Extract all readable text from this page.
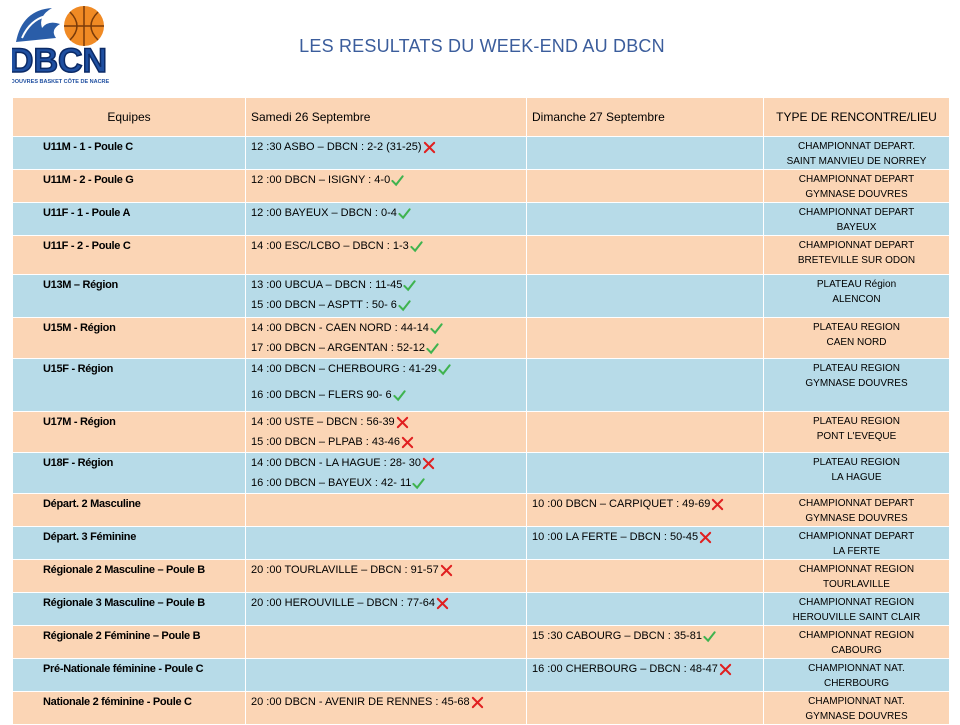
DBCN
DOUVRES BASKET CÔTE DE NACRE
LES RESULTATS DU WEEK-END AU DBCN
Equipes	Samedi 26 Septembre	Dimanche 27 Septembre	TYPE DE RENCONTRE/LIEU
U11M - 1 - Poule C	12 :30 ASBO – DBCN : 2-2 (31-25)		CHAMPIONNAT DEPART.
SAINT MANVIEU DE NORREY

U11M - 2 - Poule G	12 :00 DBCN – ISIGNY : 4-0		CHAMPIONNAT DEPART
GYMNASE DOUVRES

U11F - 1 - Poule A	12 :00 BAYEUX – DBCN : 0-4		CHAMPIONNAT DEPART
BAYEUX

U11F - 2 - Poule C	14 :00 ESC/LCBO – DBCN : 1-3		CHAMPIONNAT DEPART
BRETEVILLE SUR ODON

U13M – Région	13 :00 UBCUA – DBCN : 11-45
15 :00 DBCN – ASPTT : 50- 6		PLATEAU Région
ALENCON

U15M - Région	14 :00 DBCN - CAEN NORD : 44-14
17 :00 DBCN – ARGENTAN : 52-12		PLATEAU REGION
CAEN NORD

U15F - Région	14 :00 DBCN – CHERBOURG : 41-29
16 :00 DBCN – FLERS 90- 6		PLATEAU REGION
GYMNASE DOUVRES

U17M - Région	14 :00 USTE – DBCN : 56-39
15 :00 DBCN – PLPAB : 43-46		PLATEAU REGION
PONT L'EVEQUE

U18F - Région	14 :00 DBCN - LA HAGUE : 28- 30
16 :00 DBCN – BAYEUX : 42- 11		PLATEAU REGION
LA HAGUE

Départ. 2 Masculine		10 :00 DBCN – CARPIQUET : 49-69	CHAMPIONNAT DEPART
GYMNASE DOUVRES

Départ. 3 Féminine		10 :00 LA FERTE – DBCN : 50-45	CHAMPIONNAT DEPART
LA FERTE

Régionale 2 Masculine – Poule B	20 :00 TOURLAVILLE – DBCN : 91-57		CHAMPIONNAT REGION
TOURLAVILLE

Régionale 3 Masculine – Poule B	20 :00 HEROUVILLE – DBCN : 77-64		CHAMPIONNAT REGION
HEROUVILLE SAINT CLAIR

Régionale 2 Féminine – Poule B		15 :30 CABOURG – DBCN : 35-81	CHAMPIONNAT REGION
CABOURG

Pré-Nationale féminine - Poule C		16 :00 CHERBOURG – DBCN : 48-47	CHAMPIONNAT NAT.
CHERBOURG

Nationale 2 féminine - Poule C	20 :00 DBCN - AVENIR DE RENNES : 45-68		CHAMPIONNAT NAT.
GYMNASE DOUVRES
